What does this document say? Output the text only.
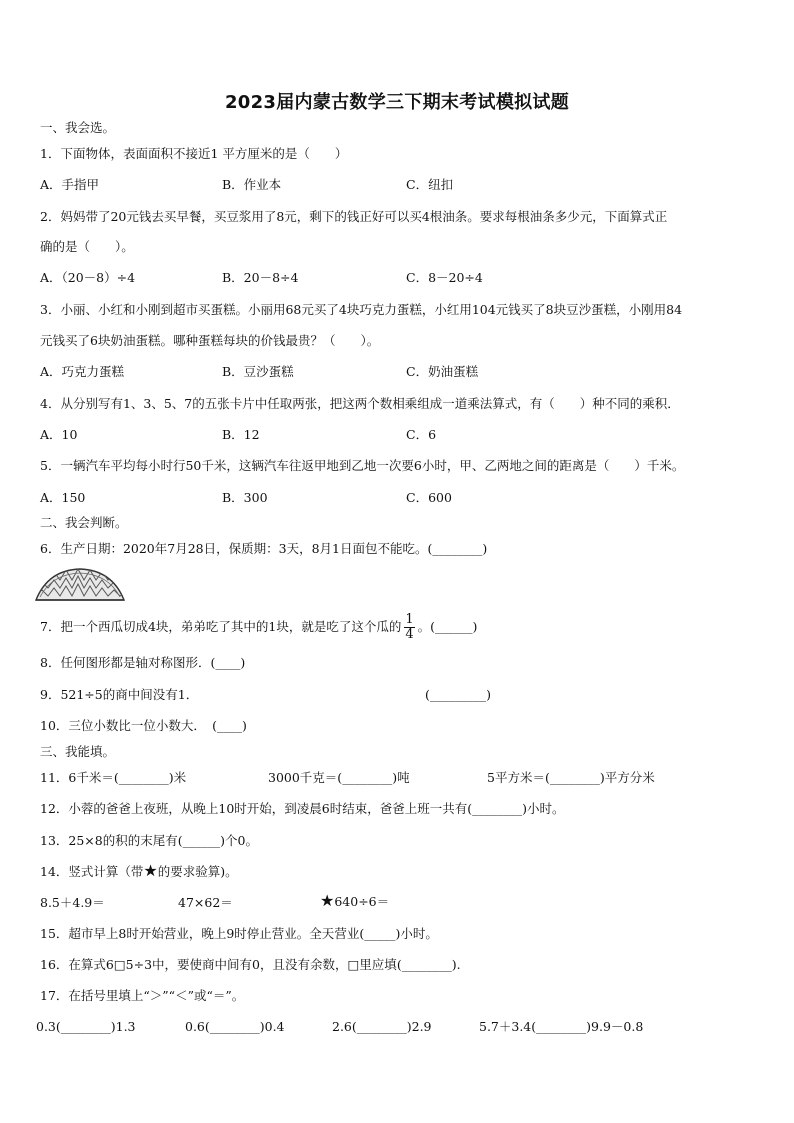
2023届内蒙古数学三下期末考试模拟试题
一、我会选。
1．下面物体，表面面积不接近1 平方厘米的是（　　）
A．手指甲	B．作业本	C．纽扣
2．妈妈带了20元钱去买早餐，买豆浆用了8元，剩下的钱正好可以买4根油条。要求每根油条多少元，下面算式正
确的是（　　）。
A．（20－8）÷4	B．20－8÷4	C．8－20÷4
3．小丽、小红和小刚到超市买蛋糕。小丽用68元买了4块巧克力蛋糕，小红用104元钱买了8块豆沙蛋糕，小刚用84
元钱买了6块奶油蛋糕。哪种蛋糕每块的价钱最贵？（　　）。
A．巧克力蛋糕	B．豆沙蛋糕	C．奶油蛋糕
4．从分别写有1、3、5、7的五张卡片中任取两张，把这两个数相乘组成一道乘法算式，有（　　）种不同的乘积．
A．10	B．12	C．6
5．一辆汽车平均每小时行50千米，这辆汽车往返甲地到乙地一次要6小时，甲、乙两地之间的距离是（　　）千米。
A．150	B．300	C．600
二、我会判断。
6．生产日期：2020年7月28日，保质期：3天，8月1日面包不能吃。(________)
7．把一个西瓜切成4块，弟弟吃了其中的1块，就是吃了这个瓜的 $\frac{1}{4}$ 。(______)
8．任何图形都是轴对称图形．(____)
9．521÷5的商中间没有1．	(_________)
10．三位小数比一位小数大．　(____)
三、我能填。
11．6千米＝(________)米	3000千克＝(________)吨	5平方米＝(________)平方分米
12．小蓉的爸爸上夜班，从晚上10时开始，到凌晨6时结束，爸爸上班一共有(________)小时。
13．25×8的积的末尾有(______)个0。
14．竖式计算（带★的要求验算)。
8.5＋4.9＝	47×62＝	★640÷6＝
15．超市早上8时开始营业，晚上9时停止营业。全天营业(_____)小时。
16．在算式6□5÷3中，要使商中间有0，且没有余数，□里应填(________).
17．在括号里填上“＞”“＜”或“＝”。
0.3(________)1.3	0.6(________)0.4	2.6(________)2.9	5.7＋3.4(________)9.9－0.8
